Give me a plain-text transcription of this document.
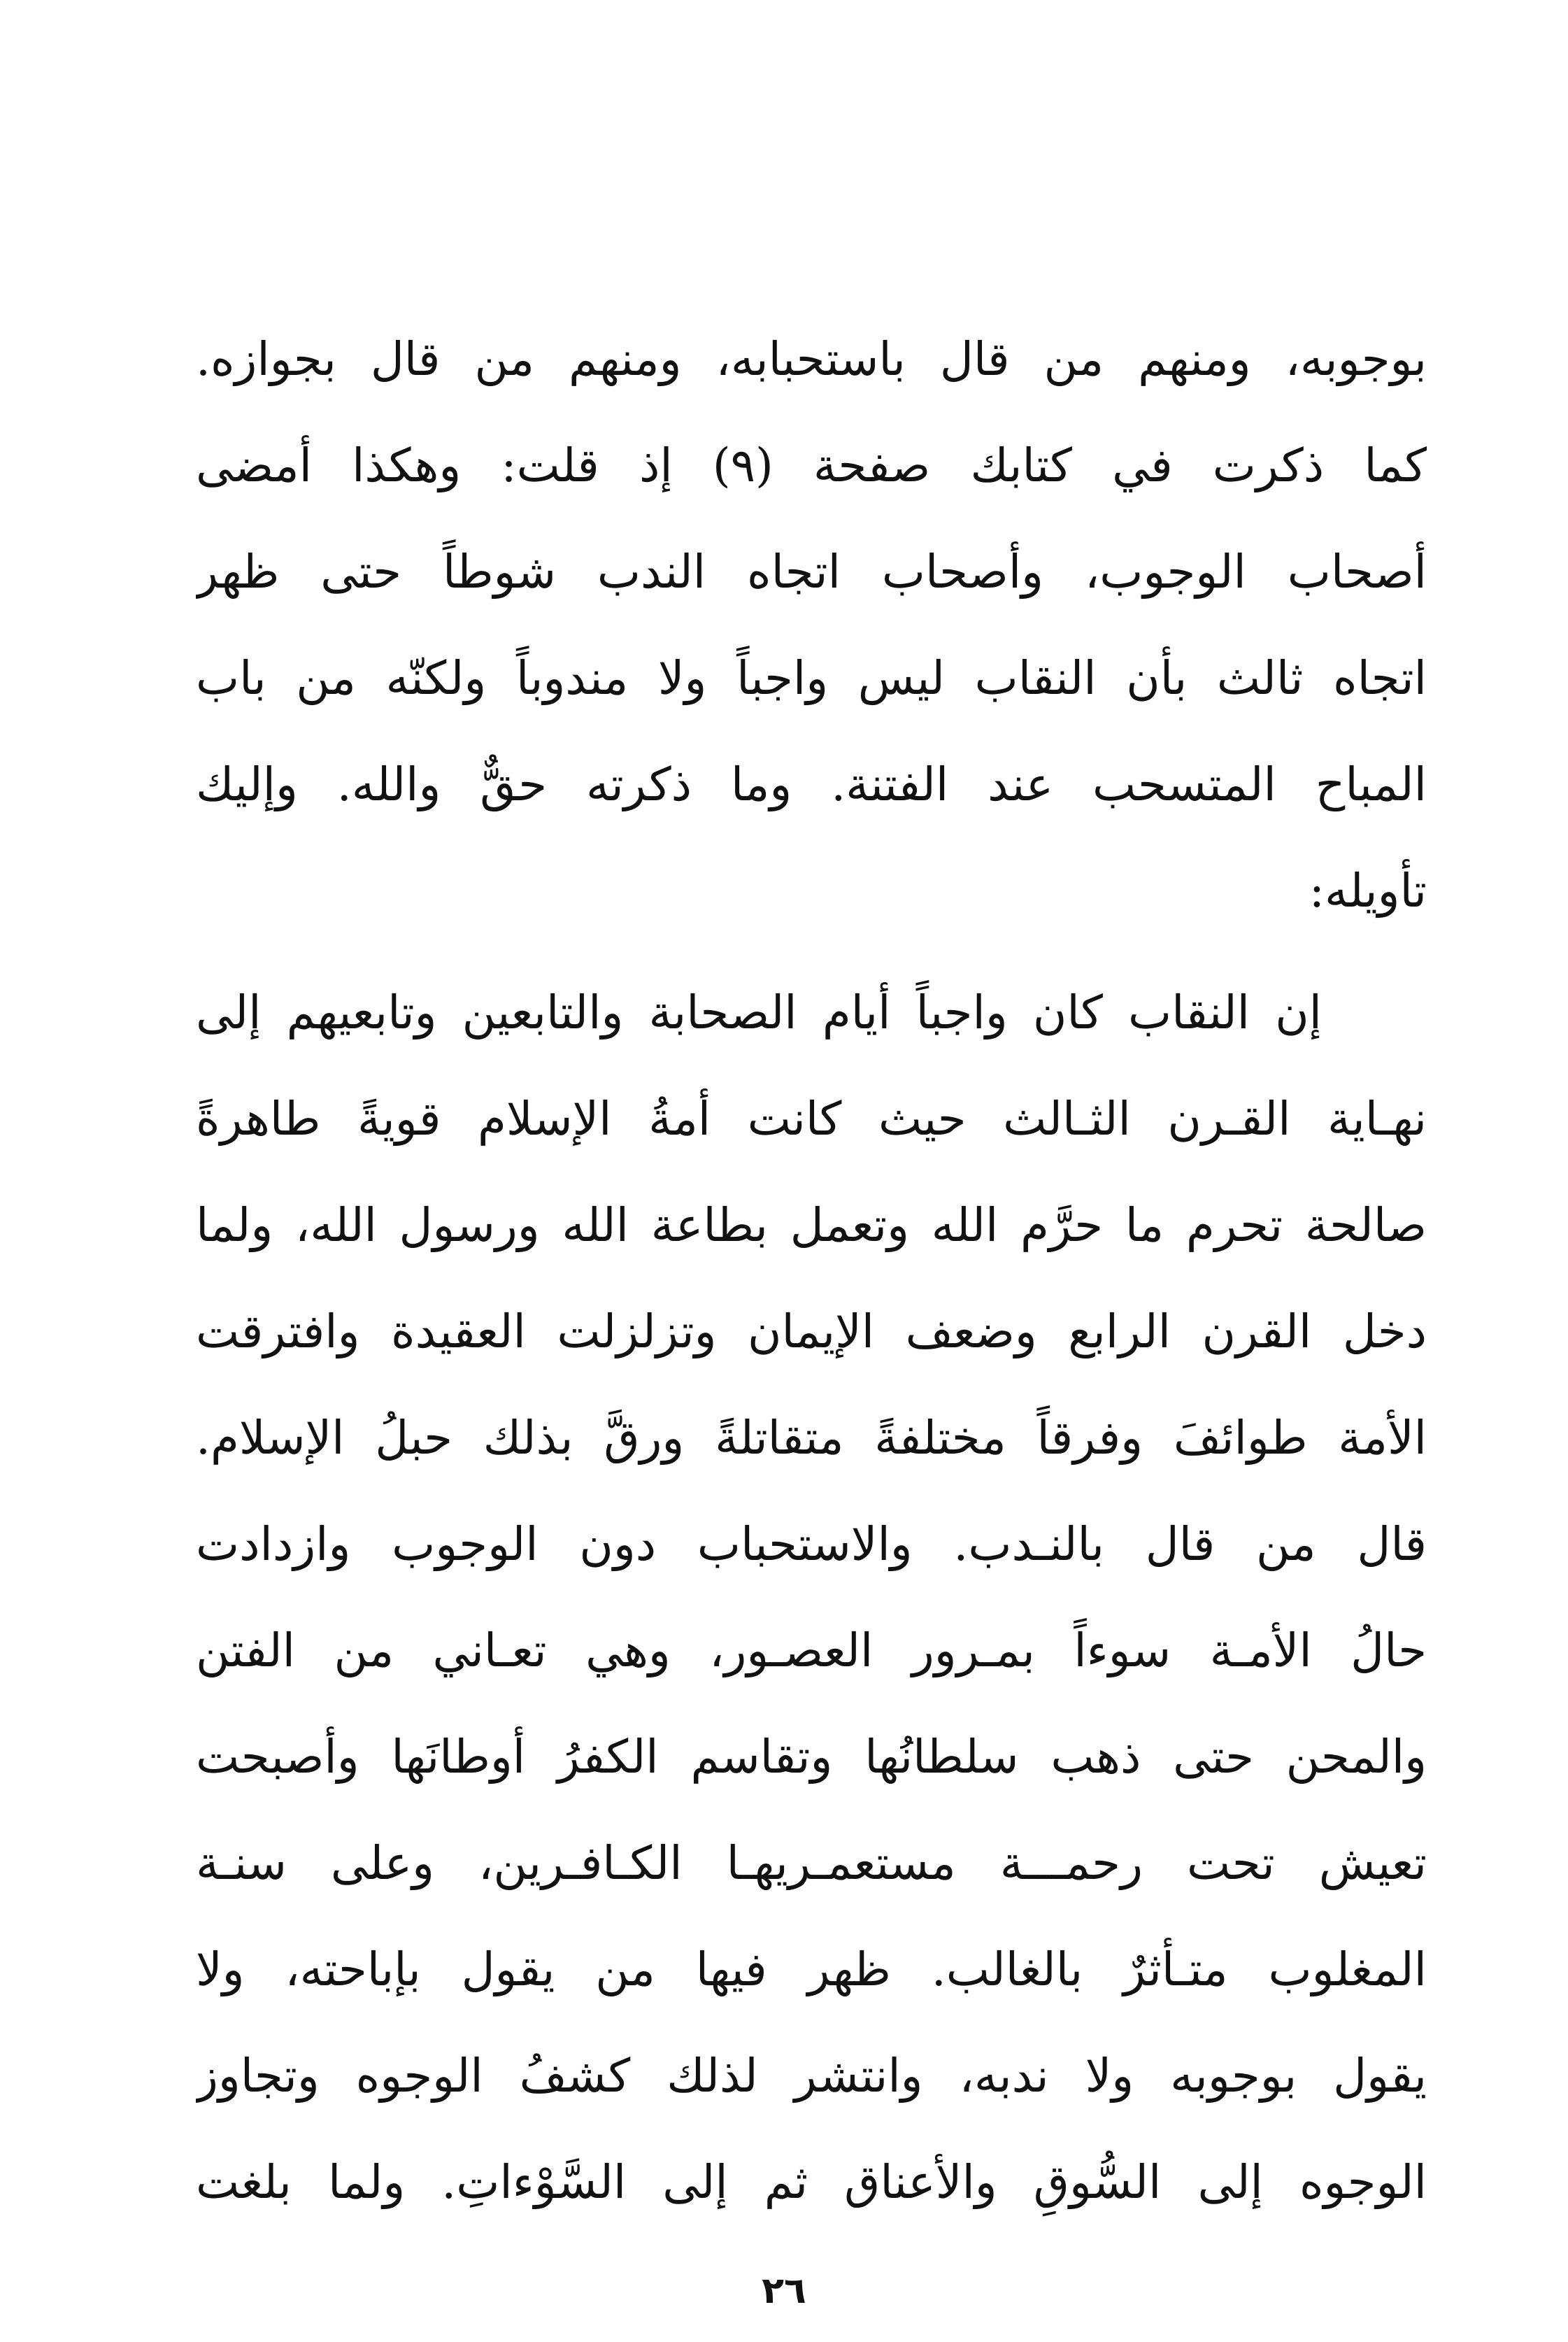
بوجوبه، ومنهم من قال باستحبابه، ومنهم من قال بجوازه.
كما ذكرت في كتابك صفحة (٩) إذ قلت: وهكذا أمضى
أصحاب الوجوب، وأصحاب اتجاه الندب شوطاً حتى ظهر
اتجاه ثالث بأن النقاب ليس واجباً ولا مندوباً ولكنّه من باب
المباح المتسحب عند الفتنة. وما ذكرته حقٌّ والله. وإليك
تأويله:
إن النقاب كان واجباً أيام الصحابة والتابعين وتابعيهم إلى
نهـاية القـرن الثـالث حيث كانت أمةُ الإسلام قويةً طاهرةً
صالحة تحرم ما حرَّم الله وتعمل بطاعة الله ورسول الله، ولما
دخل القرن الرابع وضعف الإيمان وتزلزلت العقيدة وافترقت
الأمة طوائفَ وفرقاً مختلفةً متقاتلةً ورقَّ بذلك حبلُ الإسلام.
قال من قال بالنـدب. والاستحباب دون الوجوب وازدادت
حالُ الأمـة سوءاً بمـرور العصـور، وهي تعـاني من الفتن
والمحن حتى ذهب سلطانُها وتقاسم الكفرُ أوطانَها وأصبحت
تعيش تحت رحمـــة مستعمـريهـا الكـافـرين، وعلى سنـة
المغلوب متـأثرٌ بالغالب. ظهر فيها من يقول بإباحته، ولا
يقول بوجوبه ولا ندبه، وانتشر لذلك كشفُ الوجوه وتجاوز
الوجوه إلى السُّوقِ والأعناق ثم إلى السَّوْءاتِ. ولما بلغت
٢٦
